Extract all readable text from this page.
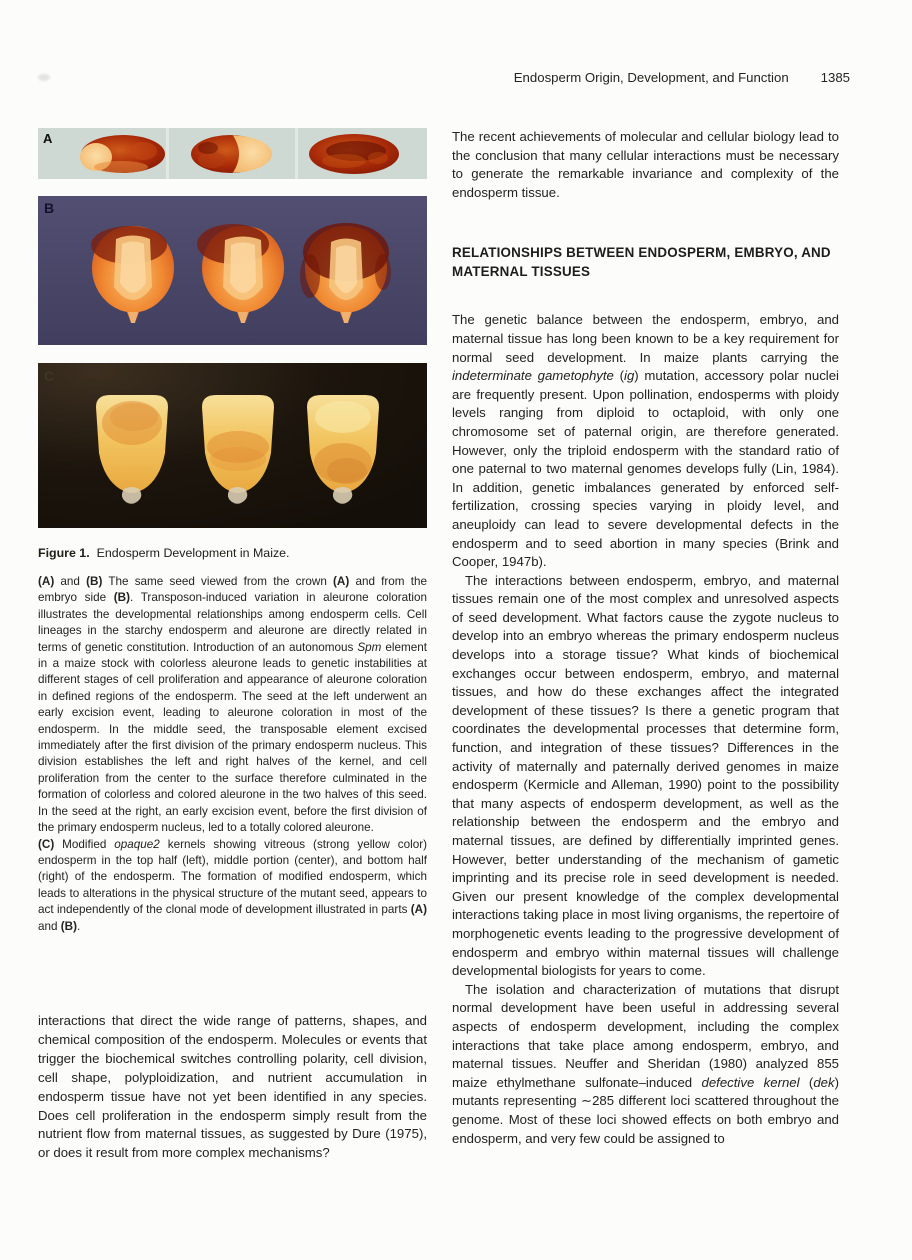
Endosperm Origin, Development, and Function 1385
A
B
C
Figure 1. Endosperm Development in Maize.

(A) and (B) The same seed viewed from the crown (A) and from the embryo side (B). Transposon-induced variation in aleurone coloration illustrates the developmental relationships among endosperm cells. Cell lineages in the starchy endosperm and aleurone are directly related in terms of genetic constitution. Introduction of an autonomous Spm element in a maize stock with colorless aleurone leads to genetic instabilities at different stages of cell proliferation and appearance of aleurone coloration in defined regions of the endosperm. The seed at the left underwent an early excision event, leading to aleurone coloration in most of the endosperm. In the middle seed, the transposable element excised immediately after the first division of the primary endosperm nucleus. This division establishes the left and right halves of the kernel, and cell proliferation from the center to the surface therefore culminated in the formation of colorless and colored aleurone in the two halves of this seed. In the seed at the right, an early excision event, before the first division of the primary endosperm nucleus, led to a totally colored aleurone.

(C) Modified opaque2 kernels showing vitreous (strong yellow color) endosperm in the top half (left), middle portion (center), and bottom half (right) of the endosperm. The formation of modified endosperm, which leads to alterations in the physical structure of the mutant seed, appears to act independently of the clonal mode of development illustrated in parts (A) and (B).

interactions that direct the wide range of patterns, shapes, and chemical composition of the endosperm. Molecules or events that trigger the biochemical switches controlling polarity, cell division, cell shape, polyploidization, and nutrient accumulation in endosperm tissue have not yet been identified in any species. Does cell proliferation in the endosperm simply result from the nutrient flow from maternal tissues, as suggested by Dure (1975), or does it result from more complex mechanisms?

The recent achievements of molecular and cellular biology lead to the conclusion that many cellular interactions must be necessary to generate the remarkable invariance and complexity of the endosperm tissue.

RELATIONSHIPS BETWEEN ENDOSPERM, EMBRYO, AND MATERNAL TISSUES

The genetic balance between the endosperm, embryo, and maternal tissue has long been known to be a key requirement for normal seed development. In maize plants carrying the indeterminate gametophyte (ig) mutation, accessory polar nuclei are frequently present. Upon pollination, endosperms with ploidy levels ranging from diploid to octaploid, with only one chromosome set of paternal origin, are therefore generated. However, only the triploid endosperm with the standard ratio of one paternal to two maternal genomes develops fully (Lin, 1984). In addition, genetic imbalances generated by enforced self-fertilization, crossing species varying in ploidy level, and aneuploidy can lead to severe developmental defects in the endosperm and to seed abortion in many species (Brink and Cooper, 1947b).

The interactions between endosperm, embryo, and maternal tissues remain one of the most complex and unresolved aspects of seed development. What factors cause the zygote nucleus to develop into an embryo whereas the primary endosperm nucleus develops into a storage tissue? What kinds of biochemical exchanges occur between endosperm, embryo, and maternal tissues, and how do these exchanges affect the integrated development of these tissues? Is there a genetic program that coordinates the developmental processes that determine form, function, and integration of these tissues? Differences in the activity of maternally and paternally derived genomes in maize endosperm (Kermicle and Alleman, 1990) point to the possibility that many aspects of endosperm development, as well as the relationship between the endosperm and the embryo and maternal tissues, are defined by differentially imprinted genes. However, better understanding of the mechanism of gametic imprinting and its precise role in seed development is needed. Given our present knowledge of the complex developmental interactions taking place in most living organisms, the repertoire of morphogenetic events leading to the progressive development of endosperm and embryo within maternal tissues will challenge developmental biologists for years to come.

The isolation and characterization of mutations that disrupt normal development have been useful in addressing several aspects of endosperm development, including the complex interactions that take place among endosperm, embryo, and maternal tissues. Neuffer and Sheridan (1980) analyzed 855 maize ethylmethane sulfonate–induced defective kernel (dek) mutants representing ∼285 different loci scattered throughout the genome. Most of these loci showed effects on both embryo and endosperm, and very few could be assigned to
